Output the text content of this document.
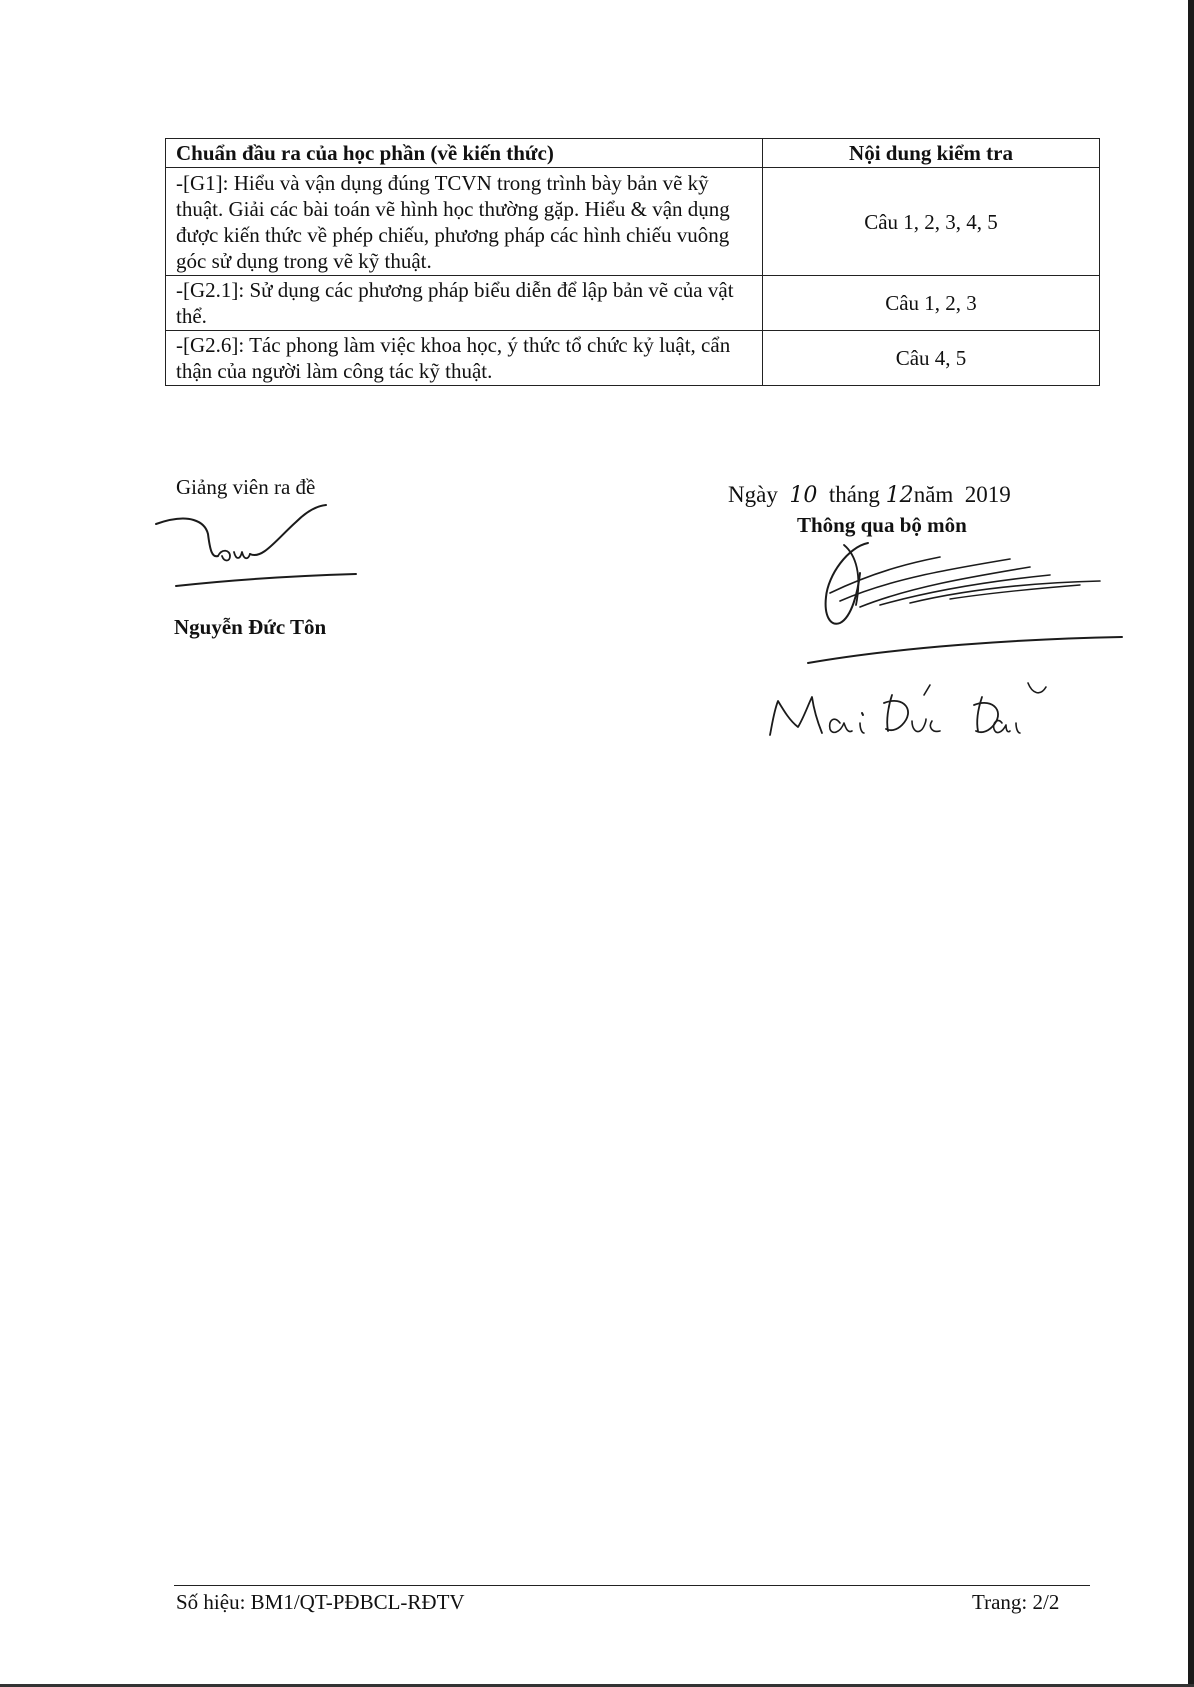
Chuẩn đầu ra của học phần (về kiến thức)	Nội dung kiểm tra
-[G1]: Hiểu và vận dụng đúng TCVN trong trình bày bản vẽ kỹ thuật. Giải các bài toán vẽ hình học thường gặp. Hiểu & vận dụng được kiến thức về phép chiếu, phương pháp các hình chiếu vuông góc sử dụng trong vẽ kỹ thuật.	Câu 1, 2, 3, 4, 5
-[G2.1]: Sử dụng các phương pháp biểu diễn để lập bản vẽ của vật thể.	Câu 1, 2, 3
-[G2.6]: Tác phong làm việc khoa học, ý thức tổ chức kỷ luật, cẩn thận của người làm công tác kỹ thuật.	Câu 4, 5
Giảng viên ra đề
Nguyễn Đức Tôn
Ngày 10 tháng 12năm 2019
Thông qua bộ môn
Số hiệu: BM1/QT-PĐBCL-RĐTV	Trang: 2/2
